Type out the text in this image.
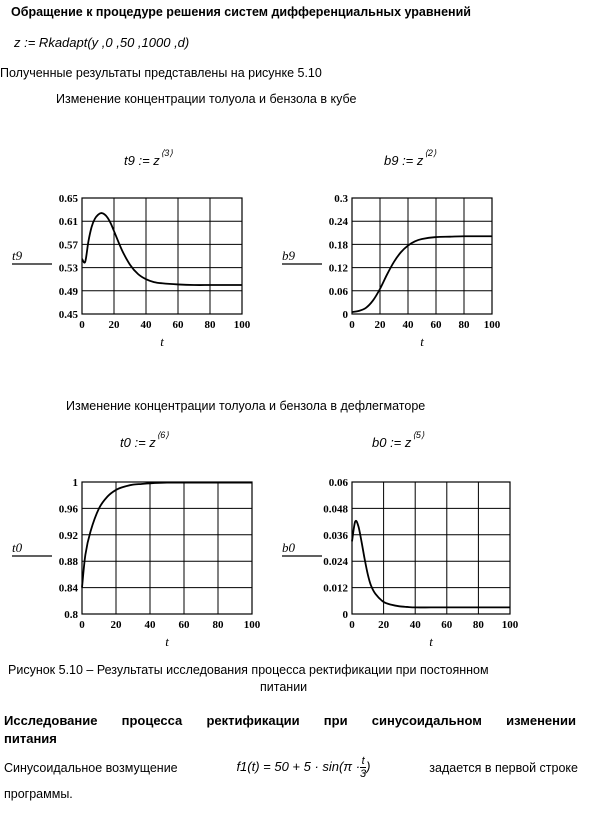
Обращение к процедуре решения систем дифференциальных уравнений
z := Rkadapt(y ,0 ,50 ,1000 ,d)
Полученные результаты представлены на рисунке 5.10
Изменение концентрации толуола и бензола в кубе
t9 := $z^{⟨3⟩}$	b9 := $z^{⟨2⟩}$
0.65
0.61
0.57
0.53
0.49
0.45
0 20 40 60 80 100
t
t9
0.3
0.24
0.18
0.12
0.06
0
0 20 40 60 80 100
t
b9
Изменение концентрации толуола и бензола в дефлегматоре
t0 := $z^{⟨6⟩}$	b0 := $z^{⟨5⟩}$
1
0.96
0.92
0.88
0.84
0.8
0 20 40 60 80 100
t
t0
0.06
0.048
0.036
0.024
0.012
0
0 20 40 60 80 100
t
b0
Рисунок 5.10 – Результаты исследования процесса ректификации при постоянном
питании
Исследование процесса ректификации при синусоидальном изменении
питания
Синусоидальное возмущение	$f1(t) = 50 + 5 \cdot \sin(\pi \cdot \frac{t}{3}$ )	задается в первой строке
программы.
